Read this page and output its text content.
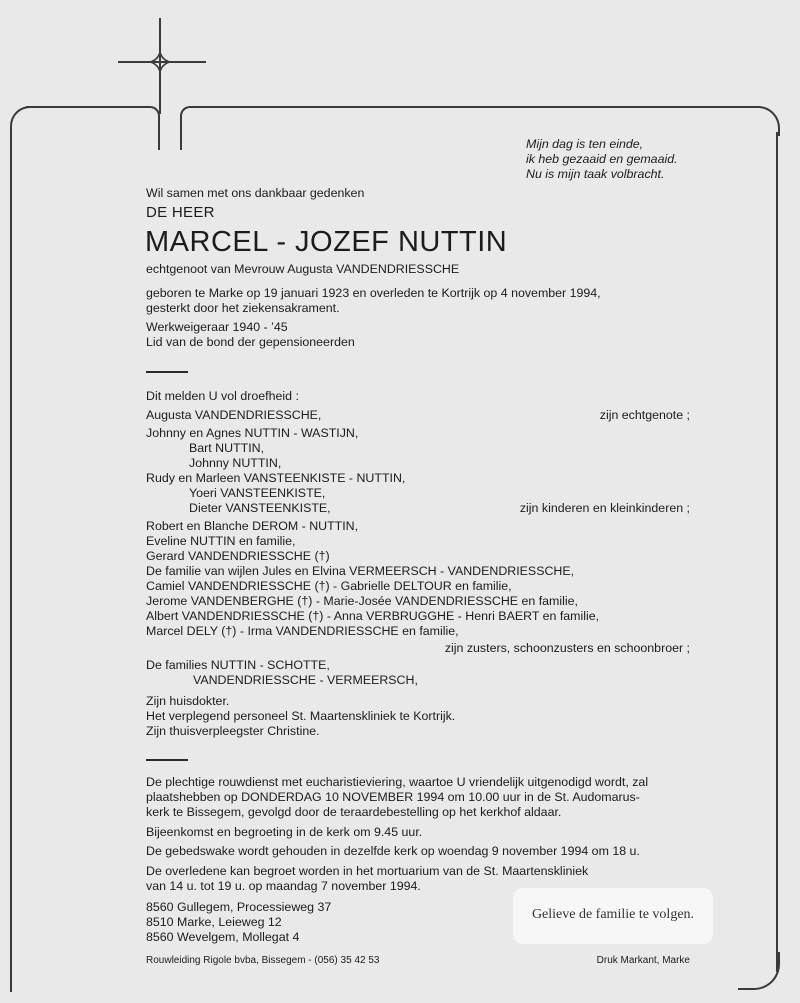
Mijn dag is ten einde,
ik heb gezaaid en gemaaid.
Nu is mijn taak volbracht.
Wil samen met ons dankbaar gedenken
DE HEER
MARCEL - JOZEF NUTTIN
echtgenoot van Mevrouw Augusta VANDENDRIESSCHE
geboren te Marke op 19 januari 1923 en overleden te Kortrijk op 4 november 1994,
gesterkt door het ziekensakrament.
Werkweigeraar 1940 - ’45
Lid van de bond der gepensioneerden
Dit melden U vol droefheid :
Augusta VANDENDRIESSCHE,	zijn echtgenote ;
Johnny en Agnes NUTTIN - WASTIJN,
Bart NUTTIN,
Johnny NUTTIN,
Rudy en Marleen VANSTEENKISTE - NUTTIN,
Yoeri VANSTEENKISTE,
Dieter VANSTEENKISTE,	zijn kinderen en kleinkinderen ;
Robert en Blanche DEROM - NUTTIN,
Eveline NUTTIN en familie,
Gerard VANDENDRIESSCHE (†)
De familie van wijlen Jules en Elvina VERMEERSCH - VANDENDRIESSCHE,
Camiel VANDENDRIESSCHE (†) - Gabrielle DELTOUR en familie,
Jerome VANDENBERGHE (†) - Marie-Josée VANDENDRIESSCHE en familie,
Albert VANDENDRIESSCHE (†) - Anna VERBRUGGHE - Henri BAERT en familie,
Marcel DELY (†) - Irma VANDENDRIESSCHE en familie,
zijn zusters, schoonzusters en schoonbroer ;
De families NUTTIN - SCHOTTE,
VANDENDRIESSCHE - VERMEERSCH,
Zijn huisdokter.
Het verplegend personeel St. Maartenskliniek te Kortrijk.
Zijn thuisverpleegster Christine.
De plechtige rouwdienst met eucharistieviering, waartoe U vriendelijk uitgenodigd wordt, zal
plaatshebben op DONDERDAG 10 NOVEMBER 1994 om 10.00 uur in de St. Audomarus-
kerk te Bissegem, gevolgd door de teraardebestelling op het kerkhof aldaar.
Bijeenkomst en begroeting in de kerk om 9.45 uur.
De gebedswake wordt gehouden in dezelfde kerk op woendag 9 november 1994 om 18 u.
De overledene kan begroet worden in het mortuarium van de St. Maartenskliniek
van 14 u. tot 19 u. op maandag 7 november 1994.
8560 Gullegem, Processieweg 37
8510 Marke, Leieweg 12
8560 Wevelgem, Mollegat 4
Gelieve de familie te volgen.
Rouwleiding Rigole bvba, Bissegem - (056) 35 42 53	Druk Markant, Marke
